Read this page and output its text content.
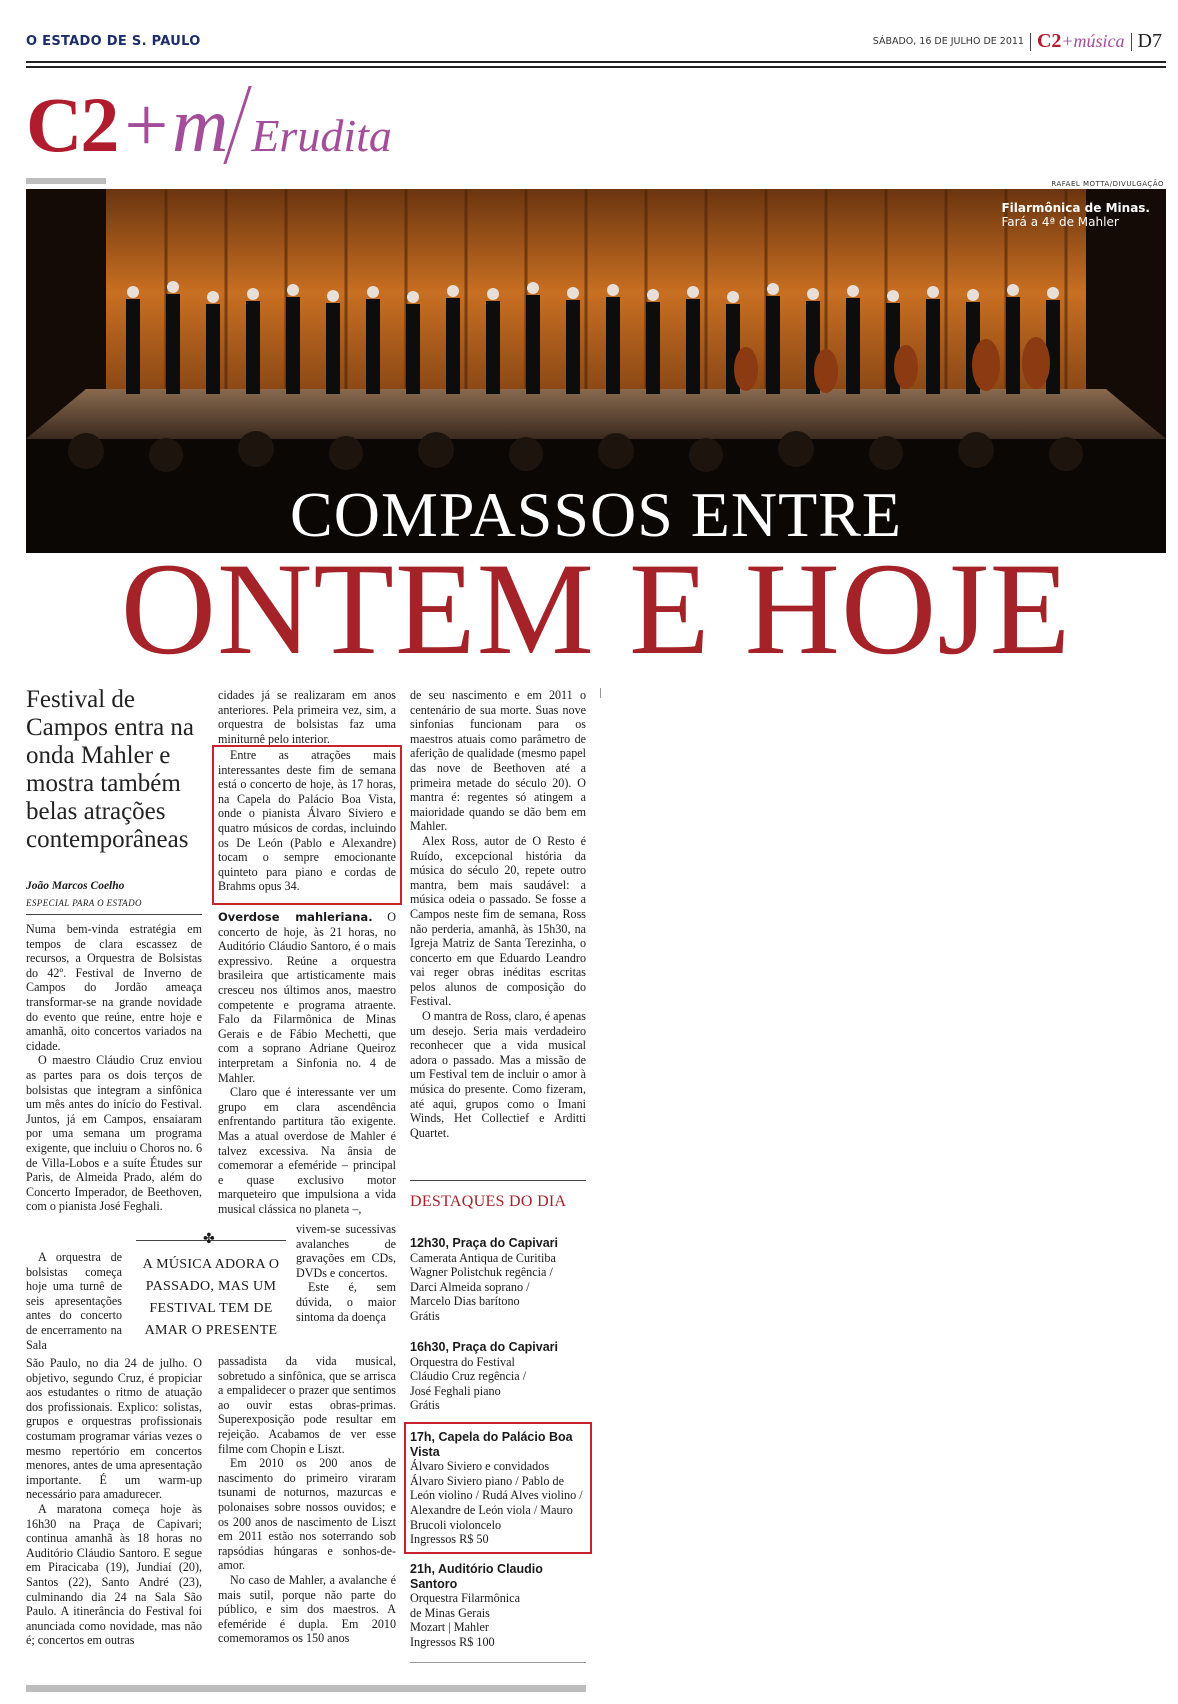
O ESTADO DE S. PAULO	SÁBADO, 16 DE JULHO DE 2011 C2+música D7
C2 +m Erudita
RAFAEL MOTTA/DIVULGAÇÃO
Filarmônica de Minas.
Fará a 4ª de Mahler
COMPASSOS ENTRE
ONTEM E HOJE
Festival de Campos entra na onda Mahler e mostra também belas atrações contemporâneas
João Marcos Coelho
ESPECIAL PARA O ESTADO

Numa bem-vinda estratégia em tempos de clara escassez de recursos, a Orquestra de Bolsistas do 42º. Festival de Inverno de Campos do Jordão ameaça transformar-se na grande novidade do evento que reúne, entre hoje e amanhã, oito concertos variados na cidade.

O maestro Cláudio Cruz enviou as partes para os dois terços de bolsistas que integram a sinfônica um mês antes do início do Festival. Juntos, já em Campos, ensaiaram por uma semana um programa exigente, que incluiu o Choros no. 6 de Villa-Lobos e a suíte Études sur Paris, de Almeida Prado, além do Concerto Imperador, de Beethoven, com o pianista José Feghali.

A orquestra de bolsistas começa hoje uma turnê de seis apresentações antes do concerto de encerramento na Sala

São Paulo, no dia 24 de julho. O objetivo, segundo Cruz, é propiciar aos estudantes o ritmo de atuação dos profissionais. Explico: solistas, grupos e orquestras profissionais costumam programar várias vezes o mesmo repertório em concertos menores, antes de uma apresentação importante. É um warm-up necessário para amadurecer.

A maratona começa hoje às 16h30 na Praça de Capivari; continua amanhã às 18 horas no Auditório Cláudio Santoro. E segue em Piracicaba (19), Jundiaí (20), Santos (22), Santo André (23), culminando dia 24 na Sala São Paulo. A itinerância do Festival foi anunciada como novidade, mas não é; concertos em outras

cidades já se realizaram em anos anteriores. Pela primeira vez, sim, a orquestra de bolsistas faz uma miniturnê pelo interior.

Entre as atrações mais interessantes deste fim de semana está o concerto de hoje, às 17 horas, na Capela do Palácio Boa Vista, onde o pianista Álvaro Siviero e quatro músicos de cordas, incluindo os De León (Pablo e Alexandre) tocam o sempre emocionante quinteto para piano e cordas de Brahms opus 34.

Overdose mahleriana. O concerto de hoje, às 21 horas, no Auditório Cláudio Santoro, é o mais expressivo. Reúne a orquestra brasileira que artisticamente mais cresceu nos últimos anos, maestro competente e programa atraente. Falo da Filarmônica de Minas Gerais e de Fábio Mechetti, que com a soprano Adriane Queiroz interpretam a Sinfonia no. 4 de Mahler.

Claro que é interessante ver um grupo em clara ascendência enfrentando partitura tão exigente. Mas a atual overdose de Mahler é talvez excessiva. Na ânsia de comemorar a efeméride – principal e quase exclusivo motor marqueteiro que impulsiona a vida musical clássica no planeta –,

vivem-se sucessivas avalanches de gravações em CDs, DVDs e concertos.

Este é, sem dúvida, o maior sintoma da doença

passadista da vida musical, sobretudo a sinfônica, que se arrisca a empalidecer o prazer que sentimos ao ouvir estas obras-primas. Superexposição pode resultar em rejeição. Acabamos de ver esse filme com Chopin e Liszt.

Em 2010 os 200 anos de nascimento do primeiro viraram tsunami de noturnos, mazurcas e polonaises sobre nossos ouvidos; e os 200 anos de nascimento de Liszt em 2011 estão nos soterrando sob rapsódias húngaras e sonhos-de-amor.

No caso de Mahler, a avalanche é mais sutil, porque não parte do público, e sim dos maestros. A efeméride é dupla. Em 2010 comemoramos os 150 anos

✤
A MÚSICA ADORA O PASSADO, MAS UM FESTIVAL TEM DE AMAR O PRESENTE

de seu nascimento e em 2011 o centenário de sua morte. Suas nove sinfonias funcionam para os maestros atuais como parâmetro de aferição de qualidade (mesmo papel das nove de Beethoven até a primeira metade do século 20). O mantra é: regentes só atingem a maioridade quando se dão bem em Mahler.

Alex Ross, autor de O Resto é Ruído, excepcional história da música do século 20, repete outro mantra, bem mais saudável: a música odeia o passado. Se fosse a Campos neste fim de semana, Ross não perderia, amanhã, às 15h30, na Igreja Matriz de Santa Terezinha, o concerto em que Eduardo Leandro vai reger obras inéditas escritas pelos alunos de composição do Festival.

O mantra de Ross, claro, é apenas um desejo. Seria mais verdadeiro reconhecer que a vida musical adora o passado. Mas a missão de um Festival tem de incluir o amor à música do presente. Como fizeram, até aqui, grupos como o Imani Winds, Het Collectief e Arditti Quartet.

DESTAQUES DO DIA
12h30, Praça do Capivari
Camerata Antiqua de Curitiba
Wagner Polistchuk regência /
Darci Almeida soprano /
Marcelo Dias barítono
Grátis
16h30, Praça do Capivari
Orquestra do Festival
Cláudio Cruz regência /
José Feghali piano
Grátis
17h, Capela do Palácio Boa Vista
Álvaro Siviero e convidados
Álvaro Siviero piano / Pablo de León violino / Rudá Alves violino / Alexandre de León viola / Mauro Brucoli violoncelo
Ingressos R$ 50
21h, Auditório Claudio Santoro
Orquestra Filarmônica
de Minas Gerais
Mozart | Mahler
Ingressos R$ 100
